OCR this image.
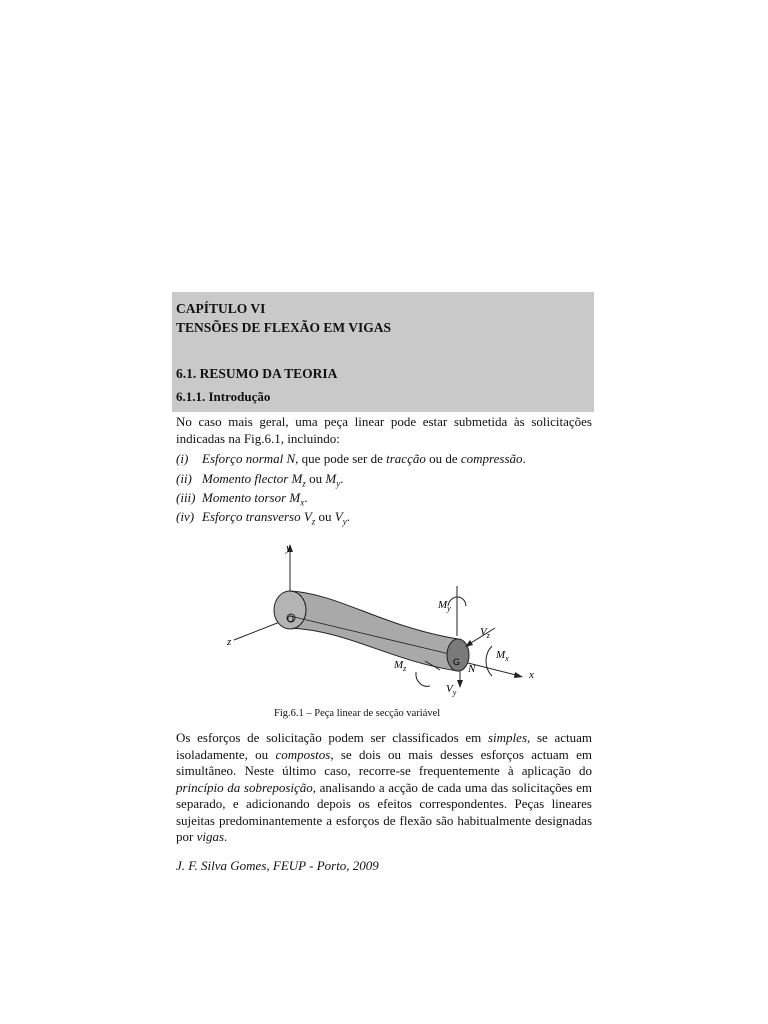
CAPÍTULO VI
TENSÕES DE FLEXÃO EM VIGAS
6.1. RESUMO DA TEORIA
6.1.1. Introdução
No caso mais geral, uma peça linear pode estar submetida às solicitações indicadas na Fig.6.1, incluindo:
(i) Esforço normal N, que pode ser de tracção ou de compressão.
(ii) Momento flector $M_z$ ou $M_y$.
(iii) Momento torsor $M_x$.
(iv) Esforço transverso $V_z$ ou $V_y$.
y
z
x
O
G
N
$M_y$
$V_z$
$M_x$
$M_z$
$V_y$
Fig.6.1 – Peça linear de secção variável
Os esforços de solicitação podem ser classificados em simples, se actuam isoladamente, ou compostos, se dois ou mais desses esforços actuam em simultâneo. Neste último caso, recorre-se frequentemente à aplicação do princípio da sobreposição, analisando a acção de cada uma das solicitações em separado, e adicionando depois os efeitos correspondentes. Peças lineares sujeitas predominantemente a esforços de flexão são habitualmente designadas por vigas.
J. F. Silva Gomes, FEUP - Porto, 2009
